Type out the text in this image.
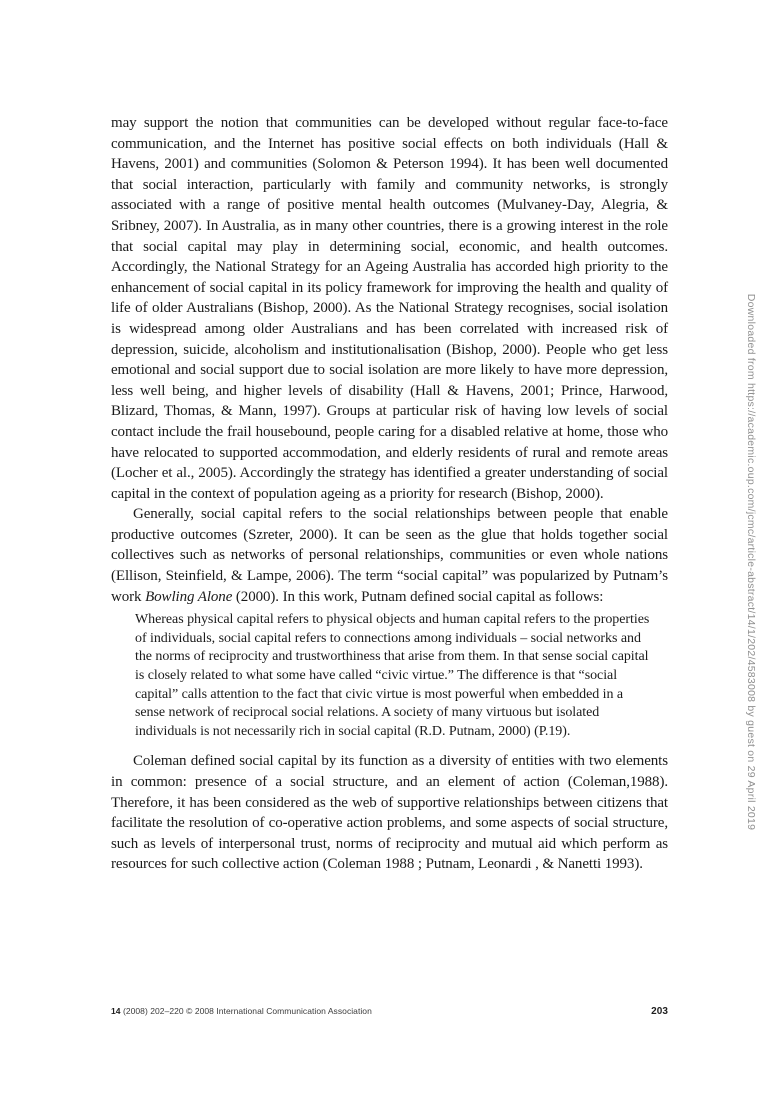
may support the notion that communities can be developed without regular face-to-face communication, and the Internet has positive social effects on both individuals (Hall & Havens, 2001) and communities (Solomon & Peterson 1994). It has been well documented that social interaction, particularly with family and community networks, is strongly associated with a range of positive mental health outcomes (Mulvaney-Day, Alegria, & Sribney, 2007). In Australia, as in many other countries, there is a growing interest in the role that social capital may play in determining social, economic, and health outcomes. Accordingly, the National Strategy for an Ageing Australia has accorded high priority to the enhancement of social capital in its policy framework for improving the health and quality of life of older Australians (Bishop, 2000). As the National Strategy recognises, social isolation is widespread among older Australians and has been correlated with increased risk of depression, suicide, alcoholism and institutionalisation (Bishop, 2000). People who get less emotional and social support due to social isolation are more likely to have more depression, less well being, and higher levels of disability (Hall & Havens, 2001; Prince, Harwood, Blizard, Thomas, & Mann, 1997). Groups at particular risk of having low levels of social contact include the frail housebound, people caring for a disabled relative at home, those who have relocated to supported accommodation, and elderly residents of rural and remote areas (Locher et al., 2005). Accordingly the strategy has identified a greater understanding of social capital in the context of population ageing as a priority for research (Bishop, 2000).

Generally, social capital refers to the social relationships between people that enable productive outcomes (Szreter, 2000). It can be seen as the glue that holds together social collectives such as networks of personal relationships, communities or even whole nations (Ellison, Steinfield, & Lampe, 2006). The term “social capital” was popularized by Putnam’s work Bowling Alone (2000). In this work, Putnam defined social capital as follows:

Whereas physical capital refers to physical objects and human capital refers to the properties of individuals, social capital refers to connections among individuals – social networks and the norms of reciprocity and trustworthiness that arise from them. In that sense social capital is closely related to what some have called “civic virtue.” The difference is that “social capital” calls attention to the fact that civic virtue is most powerful when embedded in a sense network of reciprocal social relations. A society of many virtuous but isolated individuals is not necessarily rich in social capital (R.D. Putnam, 2000) (P.19).

Coleman defined social capital by its function as a diversity of entities with two elements in common: presence of a social structure, and an element of action (Coleman,1988). Therefore, it has been considered as the web of supportive relationships between citizens that facilitate the resolution of co-operative action problems, and some aspects of social structure, such as levels of interpersonal trust, norms of reciprocity and mutual aid which perform as resources for such collective action (Coleman 1988 ; Putnam, Leonardi , & Nanetti 1993).

Downloaded from https://academic.oup.com/jcmc/article-abstract/14/1/202/4583008 by guest on 29 April 2019
14 (2008) 202–220 © 2008 International Communication Association	203
